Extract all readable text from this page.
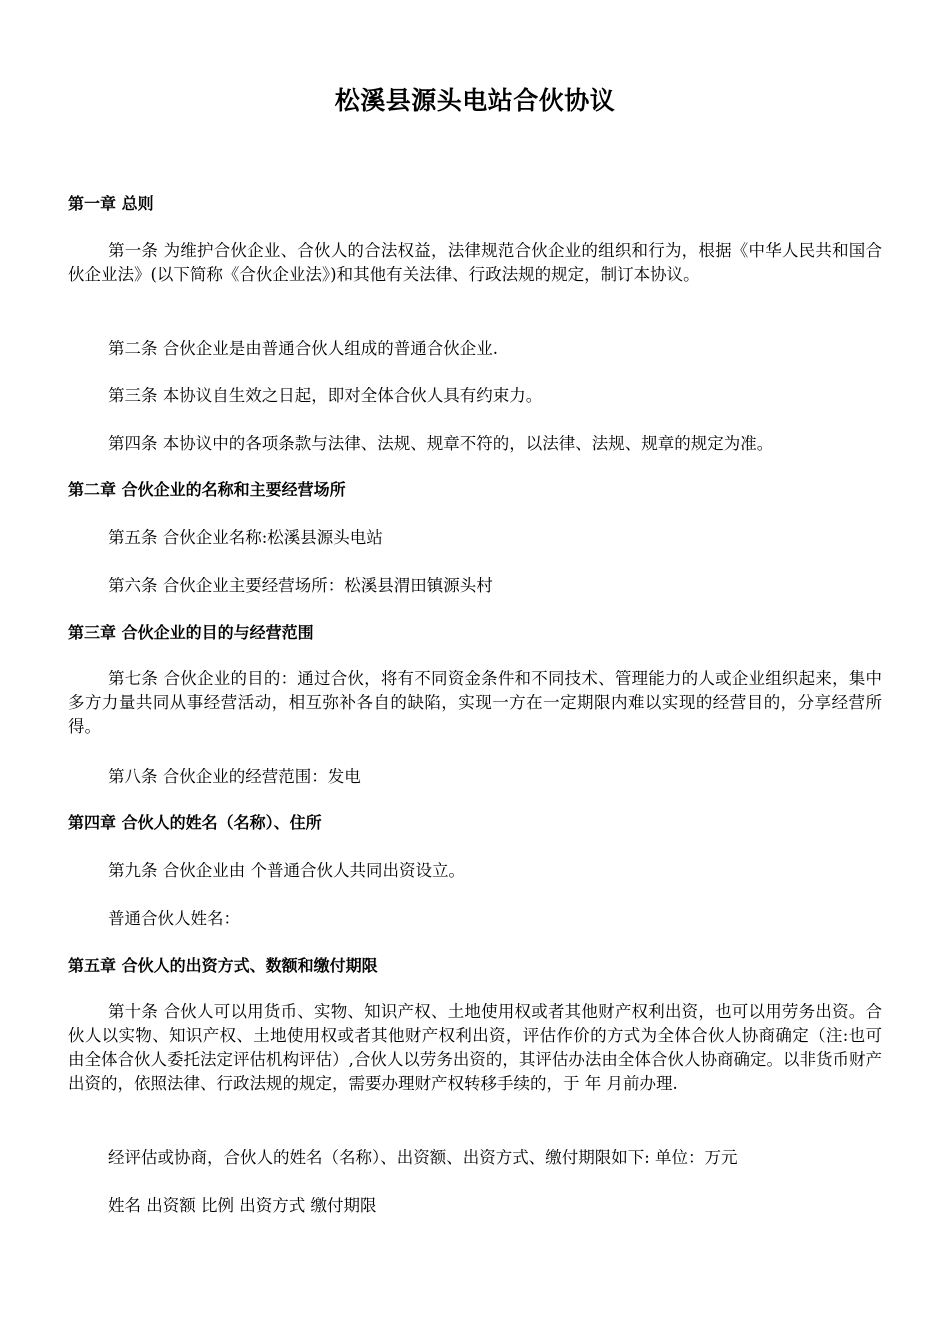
松溪县源头电站合伙协议
第一章 总则
第一条 为维护合伙企业、合伙人的合法权益，法律规范合伙企业的组织和行为，根据《中华人民共和国合伙企业法》(以下简称《合伙企业法》)和其他有关法律、行政法规的规定，制订本协议。
第二条 合伙企业是由普通合伙人组成的普通合伙企业.
第三条 本协议自生效之日起，即对全体合伙人具有约束力。
第四条 本协议中的各项条款与法律、法规、规章不符的，以法律、法规、规章的规定为准。
第二章 合伙企业的名称和主要经营场所
第五条 合伙企业名称:松溪县源头电站
第六条 合伙企业主要经营场所：松溪县渭田镇源头村
第三章 合伙企业的目的与经营范围
第七条 合伙企业的目的：通过合伙，将有不同资金条件和不同技术、管理能力的人或企业组织起来，集中多方力量共同从事经营活动，相互弥补各自的缺陷，实现一方在一定期限内难以实现的经营目的，分享经营所得。
第八条 合伙企业的经营范围：发电
第四章 合伙人的姓名（名称）、住所
第九条 合伙企业由 个普通合伙人共同出资设立。
普通合伙人姓名：
第五章 合伙人的出资方式、数额和缴付期限
第十条 合伙人可以用货币、实物、知识产权、土地使用权或者其他财产权利出资，也可以用劳务出资。合伙人以实物、知识产权、土地使用权或者其他财产权利出资，评估作价的方式为全体合伙人协商确定（注:也可由全体合伙人委托法定评估机构评估）,合伙人以劳务出资的，其评估办法由全体合伙人协商确定。以非货币财产出资的，依照法律、行政法规的规定，需要办理财产权转移手续的，于 年 月前办理.
经评估或协商，合伙人的姓名（名称）、出资额、出资方式、缴付期限如下: 单位：万元
姓名 出资额 比例 出资方式 缴付期限
